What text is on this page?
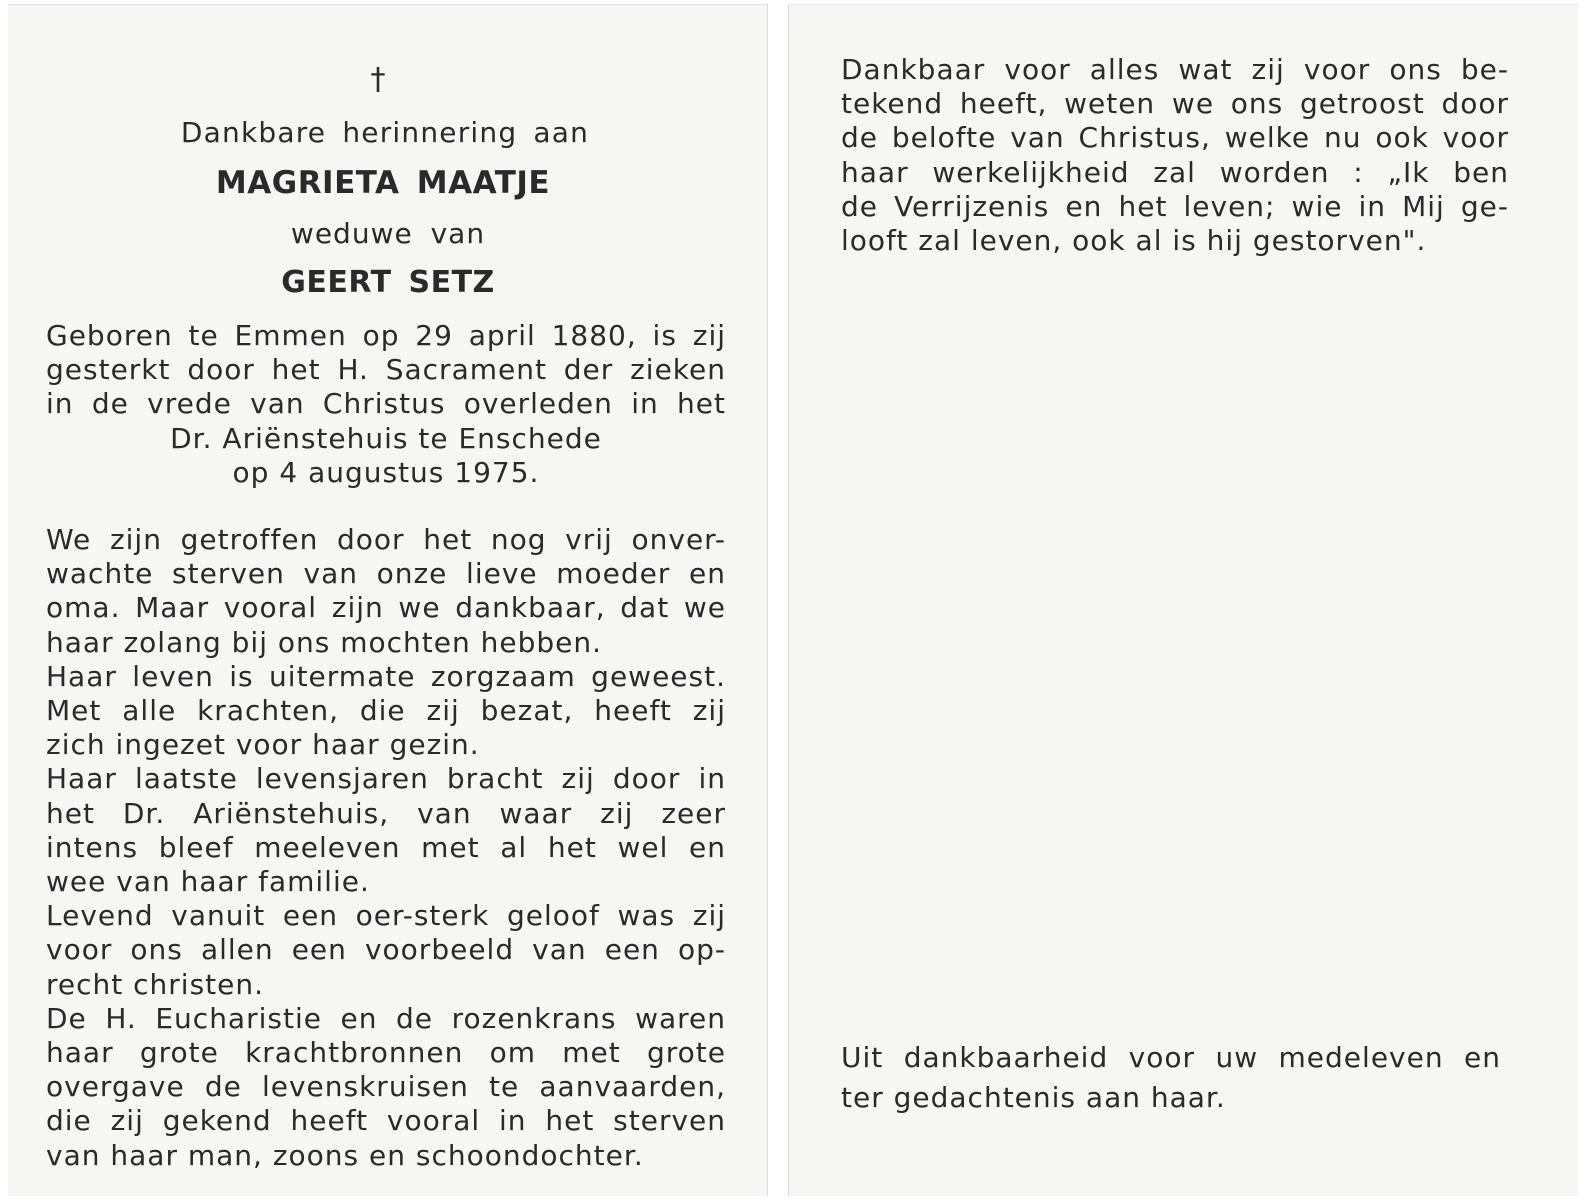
†
Dankbare herinnering aan
MAGRIETA MAATJE
weduwe van
GEERT SETZ
Geboren te Emmen op 29 april 1880, is zij
gesterkt door het H. Sacrament der zieken
in de vrede van Christus overleden in het
Dr. Ariënstehuis te Enschede
op 4 augustus 1975.
We zijn getroffen door het nog vrij onver-
wachte sterven van onze lieve moeder en
oma. Maar vooral zijn we dankbaar, dat we
haar zolang bij ons mochten hebben.
Haar leven is uitermate zorgzaam geweest.
Met alle krachten, die zij bezat, heeft zij
zich ingezet voor haar gezin.
Haar laatste levensjaren bracht zij door in
het Dr. Ariënstehuis, van waar zij zeer
intens bleef meeleven met al het wel en
wee van haar familie.
Levend vanuit een oer-sterk geloof was zij
voor ons allen een voorbeeld van een op-
recht christen.
De H. Eucharistie en de rozenkrans waren
haar grote krachtbronnen om met grote
overgave de levenskruisen te aanvaarden,
die zij gekend heeft vooral in het sterven
van haar man, zoons en schoondochter.
Dankbaar voor alles wat zij voor ons be-
tekend heeft, weten we ons getroost door
de belofte van Christus, welke nu ook voor
haar werkelijkheid zal worden : „Ik ben
de Verrijzenis en het leven; wie in Mij ge-
looft zal leven, ook al is hij gestorven".
Uit dankbaarheid voor uw medeleven en
ter gedachtenis aan haar.
